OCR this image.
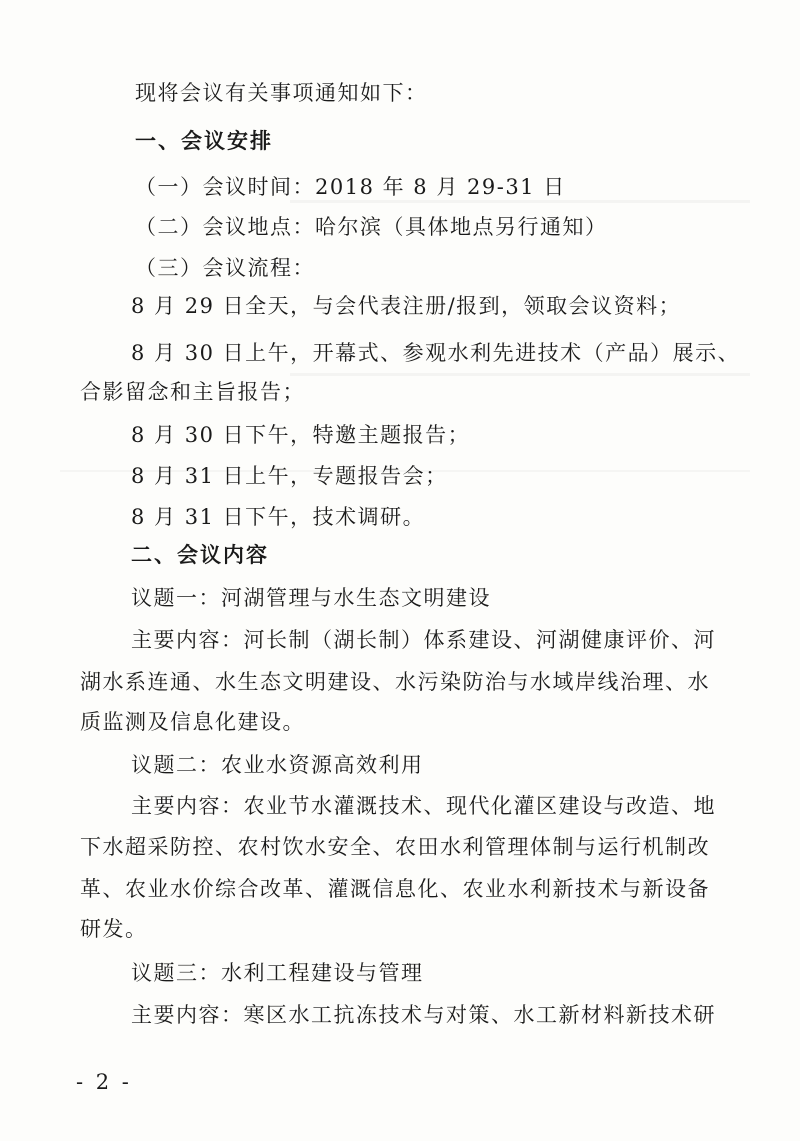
现将会议有关事项通知如下：
一、会议安排
（一）会议时间：2018 年 8 月 29-31 日
（二）会议地点：哈尔滨（具体地点另行通知）
（三）会议流程：
8 月 29 日全天，与会代表注册/报到，领取会议资料；
8 月 30 日上午，开幕式、参观水利先进技术（产品）展示、
合影留念和主旨报告；
8 月 30 日下午，特邀主题报告；
8 月 31 日上午，专题报告会；
8 月 31 日下午，技术调研。
二、会议内容
议题一：河湖管理与水生态文明建设
主要内容：河长制（湖长制）体系建设、河湖健康评价、河
湖水系连通、水生态文明建设、水污染防治与水域岸线治理、水
质监测及信息化建设。
议题二：农业水资源高效利用
主要内容：农业节水灌溉技术、现代化灌区建设与改造、地
下水超采防控、农村饮水安全、农田水利管理体制与运行机制改
革、农业水价综合改革、灌溉信息化、农业水利新技术与新设备
研发。
议题三：水利工程建设与管理
主要内容：寒区水工抗冻技术与对策、水工新材料新技术研
- 2 -
